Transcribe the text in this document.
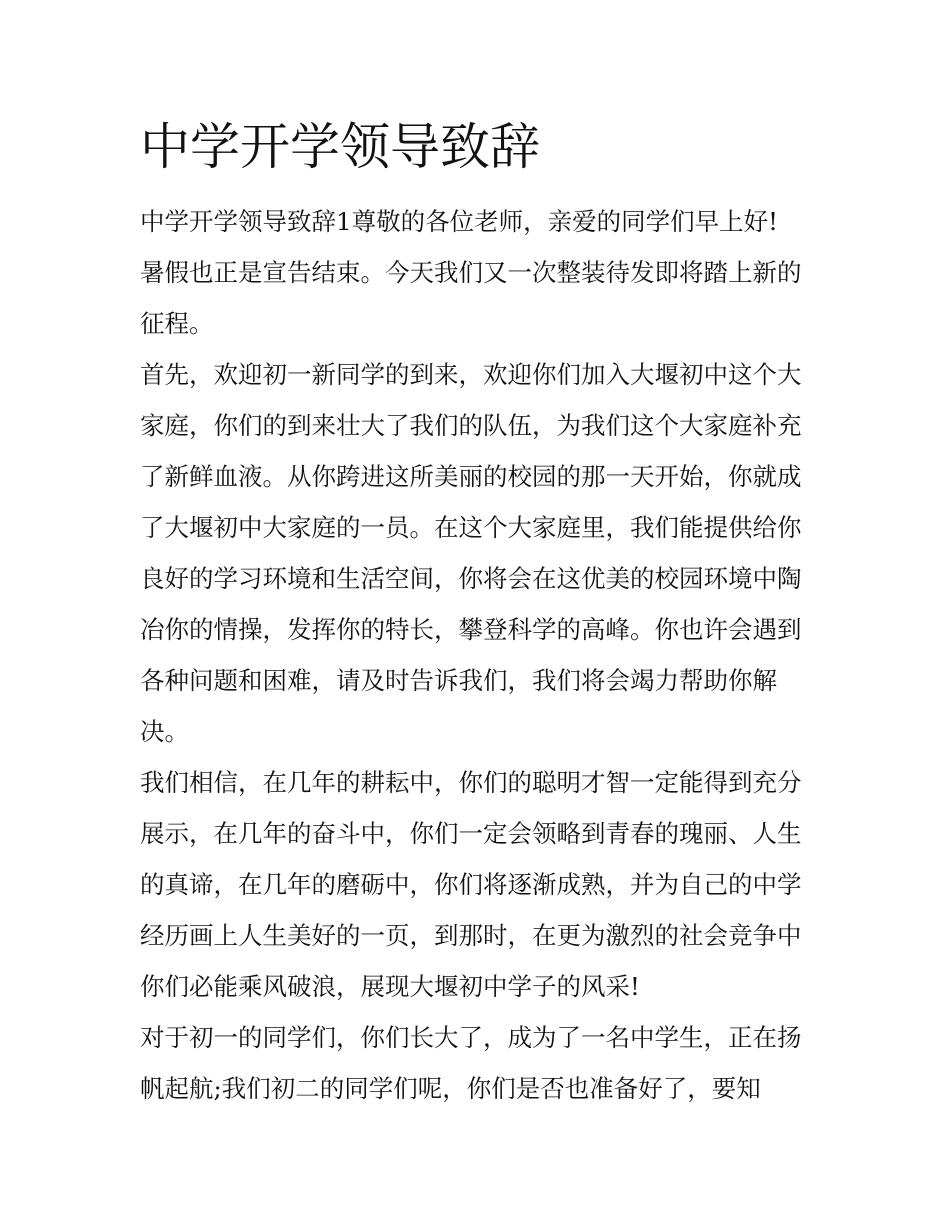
中学开学领导致辞
中学开学领导致辞1尊敬的各位老师，亲爱的同学们早上好!
暑假也正是宣告结束。今天我们又一次整装待发即将踏上新的
征程。
首先，欢迎初一新同学的到来，欢迎你们加入大堰初中这个大
家庭，你们的到来壮大了我们的队伍，为我们这个大家庭补充
了新鲜血液。从你跨进这所美丽的校园的那一天开始，你就成
了大堰初中大家庭的一员。在这个大家庭里，我们能提供给你
良好的学习环境和生活空间，你将会在这优美的校园环境中陶
冶你的情操，发挥你的特长，攀登科学的高峰。你也许会遇到
各种问题和困难，请及时告诉我们，我们将会竭力帮助你解
决。
我们相信，在几年的耕耘中，你们的聪明才智一定能得到充分
展示，在几年的奋斗中，你们一定会领略到青春的瑰丽、人生
的真谛，在几年的磨砺中，你们将逐渐成熟，并为自己的中学
经历画上人生美好的一页，到那时，在更为激烈的社会竞争中
你们必能乘风破浪，展现大堰初中学子的风采!
对于初一的同学们，你们长大了，成为了一名中学生，正在扬
帆起航;我们初二的同学们呢，你们是否也准备好了，要知
